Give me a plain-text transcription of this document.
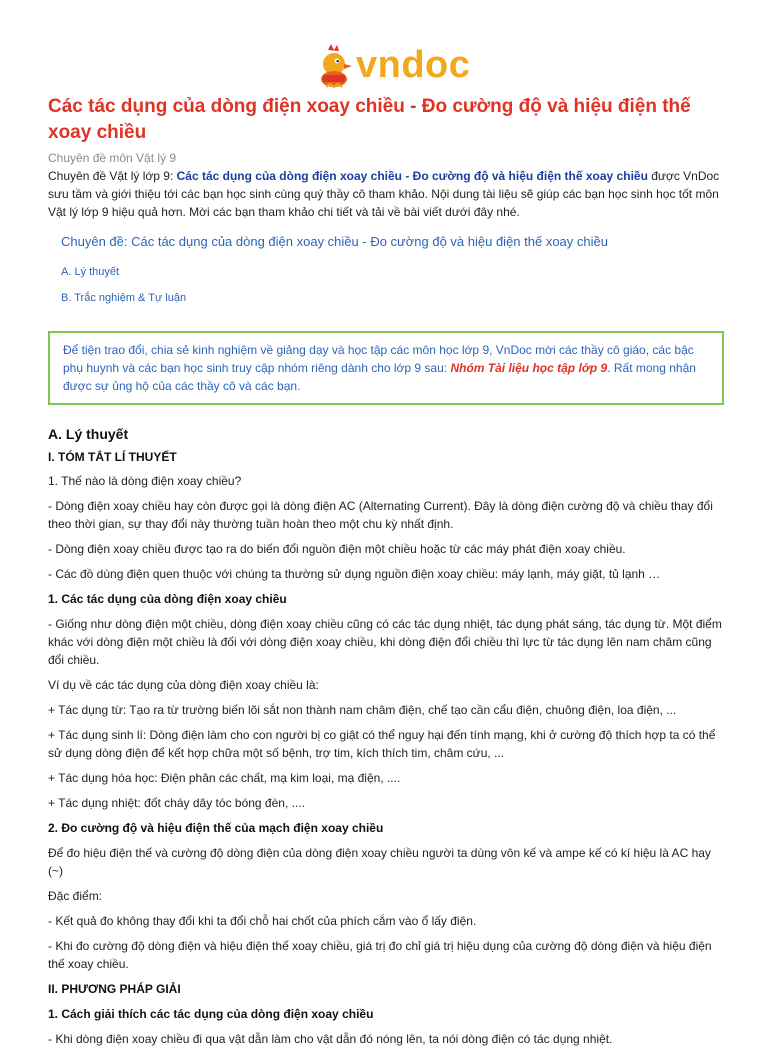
vndoc
Các tác dụng của dòng điện xoay chiều - Đo cường độ và hiệu điện thế xoay chiều
Chuyên đề môn Vật lý 9

Chuyên đề Vật lý lớp 9: Các tác dụng của dòng điện xoay chiều - Đo cường độ và hiệu điện thế xoay chiều được VnDoc sưu tầm và giới thiệu tới các bạn học sinh cùng quý thầy cô tham khảo. Nội dung tài liệu sẽ giúp các bạn học sinh học tốt môn Vật lý lớp 9 hiệu quả hơn. Mời các bạn tham khảo chi tiết và tải về bài viết dưới đây nhé.

Chuyên đề: Các tác dụng của dòng điện xoay chiều - Đo cường độ và hiệu điện thế xoay chiều
A. Lý thuyết
B. Trắc nghiệm & Tự luận
Để tiện trao đổi, chia sẻ kinh nghiệm về giảng dạy và học tập các môn học lớp 9, VnDoc mời các thầy cô giáo, các bậc phụ huynh và các bạn học sinh truy cập nhóm riêng dành cho lớp 9 sau: Nhóm Tài liệu học tập lớp 9. Rất mong nhận được sự ủng hộ của các thầy cô và các bạn.
A. Lý thuyết
I. TÓM TẮT LÍ THUYẾT

1. Thế nào là dòng điện xoay chiều?

- Dòng điện xoay chiều hay còn được gọi là dòng điện AC (Alternating Current). Đây là dòng điện cường độ và chiều thay đổi theo thời gian, sự thay đổi này thường tuần hoàn theo một chu kỳ nhất định.

- Dòng điện xoay chiều được tạo ra do biến đổi nguồn điện một chiều hoặc từ các máy phát điện xoay chiều.

- Các đồ dùng điện quen thuộc với chúng ta thường sử dụng nguồn điện xoay chiều: máy lạnh, máy giặt, tủ lạnh …

1. Các tác dụng của dòng điện xoay chiều

- Giống như dòng điện một chiều, dòng điện xoay chiều cũng có các tác dụng nhiệt, tác dụng phát sáng, tác dụng từ. Một điểm khác với dòng điện một chiều là đối với dòng điện xoay chiều, khi dòng điện đổi chiều thì lực từ tác dụng lên nam châm cũng đổi chiều.

Ví dụ về các tác dụng của dòng điện xoay chiều là:

+ Tác dụng từ: Tạo ra từ trường biến lõi sắt non thành nam châm điện, chế tạo cần cẩu điện, chuông điện, loa điện, ...

+ Tác dụng sinh lí: Dòng điện làm cho con người bị co giật có thể nguy hại đến tính mạng, khi ở cường độ thích hợp ta có thể sử dụng dòng điện để kết hợp chữa một số bệnh, trợ tim, kích thích tim, châm cứu, ...

+ Tác dụng hóa học: Điện phân các chất, mạ kim loại, mạ điện, ....

+ Tác dụng nhiệt: đốt cháy dây tóc bóng đèn, ....

2. Đo cường độ và hiệu điện thế của mạch điện xoay chiều

Để đo hiệu điện thế và cường độ dòng điện của dòng điện xoay chiều người ta dùng vôn kế và ampe kế có kí hiệu là AC hay (~)

Đặc điểm:

- Kết quả đo không thay đổi khi ta đổi chỗ hai chốt của phích cắm vào ổ lấy điện.

- Khi đo cường độ dòng điện và hiệu điện thế xoay chiều, giá trị đo chỉ giá trị hiệu dụng của cường độ dòng điện và hiệu điện thế xoay chiều.

II. PHƯƠNG PHÁP GIẢI
1. Cách giải thích các tác dụng của dòng điện xoay chiều

- Khi dòng điện xoay chiều đi qua vật dẫn làm cho vật dẫn đó nóng lên, ta nói dòng điện có tác dụng nhiệt.
